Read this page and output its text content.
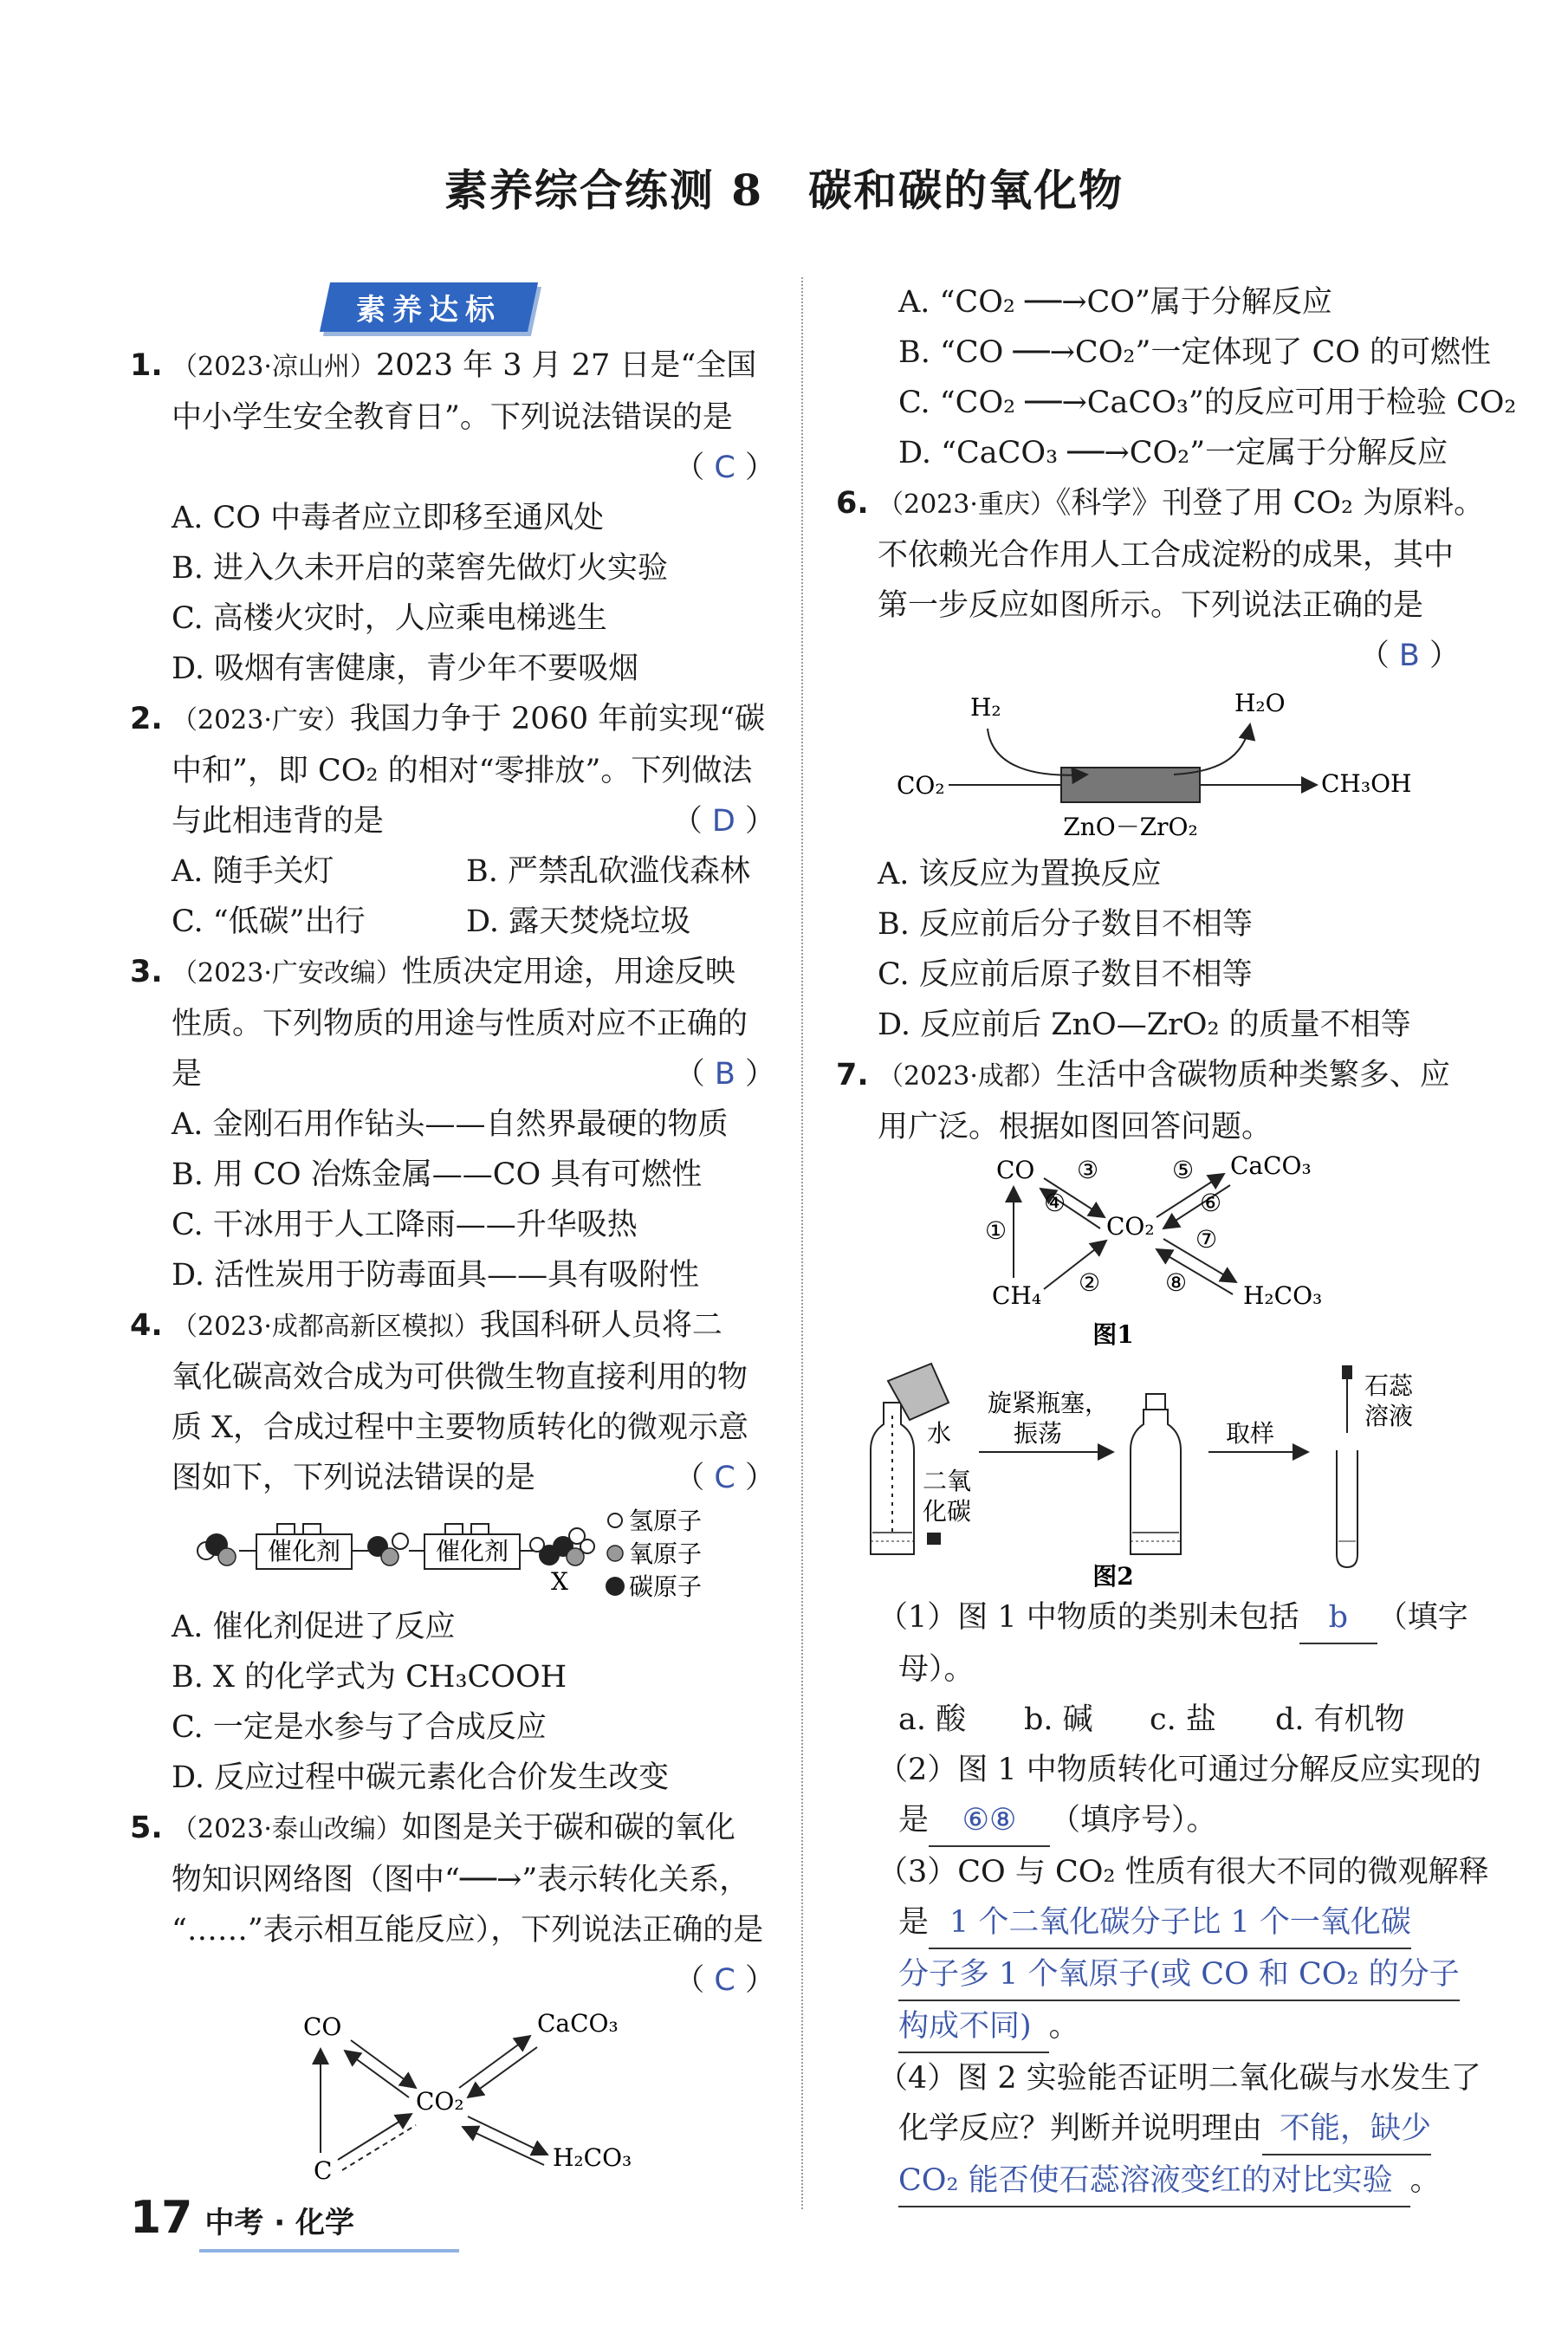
素养综合练测 8　碳和碳的氧化物
素养达标
1. （2023·凉山州）2023 年 3 月 27 日是“全国
中小学生安全教育日”。下列说法错误的是
（ C ）

A. CO 中毒者应立即移至通风处
B. 进入久未开启的菜窖先做灯火实验
C. 高楼火灾时，人应乘电梯逃生
D. 吸烟有害健康，青少年不要吸烟
2. （2023·广安）我国力争于 2060 年前实现“碳
中和”，即 CO₂ 的相对“零排放”。下列做法
与此相违背的是	（ D ）
A. 随手关灯	B. 严禁乱砍滥伐森林
C. “低碳”出行	D. 露天焚烧垃圾
3. （2023·广安改编）性质决定用途，用途反映
性质。下列物质的用途与性质对应不正确的
是	（ B ）
A. 金刚石用作钻头——自然界最硬的物质
B. 用 CO 冶炼金属——CO 具有可燃性
C. 干冰用于人工降雨——升华吸热
D. 活性炭用于防毒面具——具有吸附性
4. （2023·成都高新区模拟）我国科研人员将二
氧化碳高效合成为可供微生物直接利用的物
质 X，合成过程中主要物质转化的微观示意
图如下，下列说法错误的是	（ C ）
催化剂	催化剂
X
氢原子
氧原子
碳原子
A. 催化剂促进了反应
B. X 的化学式为 CH₃COOH
C. 一定是水参与了合成反应
D. 反应过程中碳元素化合价发生改变
5. （2023·泰山改编）如图是关于碳和碳的氧化
物知识网络图（图中“──→”表示转化关系，
“……”表示相互能反应），下列说法正确的是
（ C ）

CO	CaCO₃
CO₂
C	H₂CO₃
A. “CO₂ ──→CO”属于分解反应
B. “CO ──→CO₂”一定体现了 CO 的可燃性
C. “CO₂ ──→CaCO₃”的反应可用于检验 CO₂
D. “CaCO₃ ──→CO₂”一定属于分解反应
6. （2023·重庆）《科学》刊登了用 CO₂ 为原料。
不依赖光合作用人工合成淀粉的成果，其中
第一步反应如图所示。下列说法正确的是
（ B ）

H₂	H₂O
CO₂	CH₃OH
ZnO－ZrO₂
A. 该反应为置换反应
B. 反应前后分子数目不相等
C. 反应前后原子数目不相等
D. 反应前后 ZnO—ZrO₂ 的质量不相等
7. （2023·成都）生活中含碳物质种类繁多、应
用广泛。根据如图回答问题。
CO	CaCO₃
CO₂
CH₄	H₂CO₃
①
②
③
④
⑤
⑥
⑦
⑧
图1

水
二氧
化碳
旋紧瓶塞，
振荡	取样
石蕊
溶液
图2
（1）图 1 中物质的类别未包括 b （填字
母）。
a. 酸 b. 碱 c. 盐 d. 有机物
（2）图 1 中物质转化可通过分解反应实现的
是 ⑥⑧ （填序号）。
（3）CO 与 CO₂ 性质有很大不同的微观解释
是 1 个二氧化碳分子比 1 个一氧化碳
分子多 1 个氧原子(或 CO 和 CO₂ 的分子
构成不同) 。
（4）图 2 实验能否证明二氧化碳与水发生了
化学反应？判断并说明理由 不能，缺少
CO₂ 能否使石蕊溶液变红的对比实验 。
17 中考 · 化学
